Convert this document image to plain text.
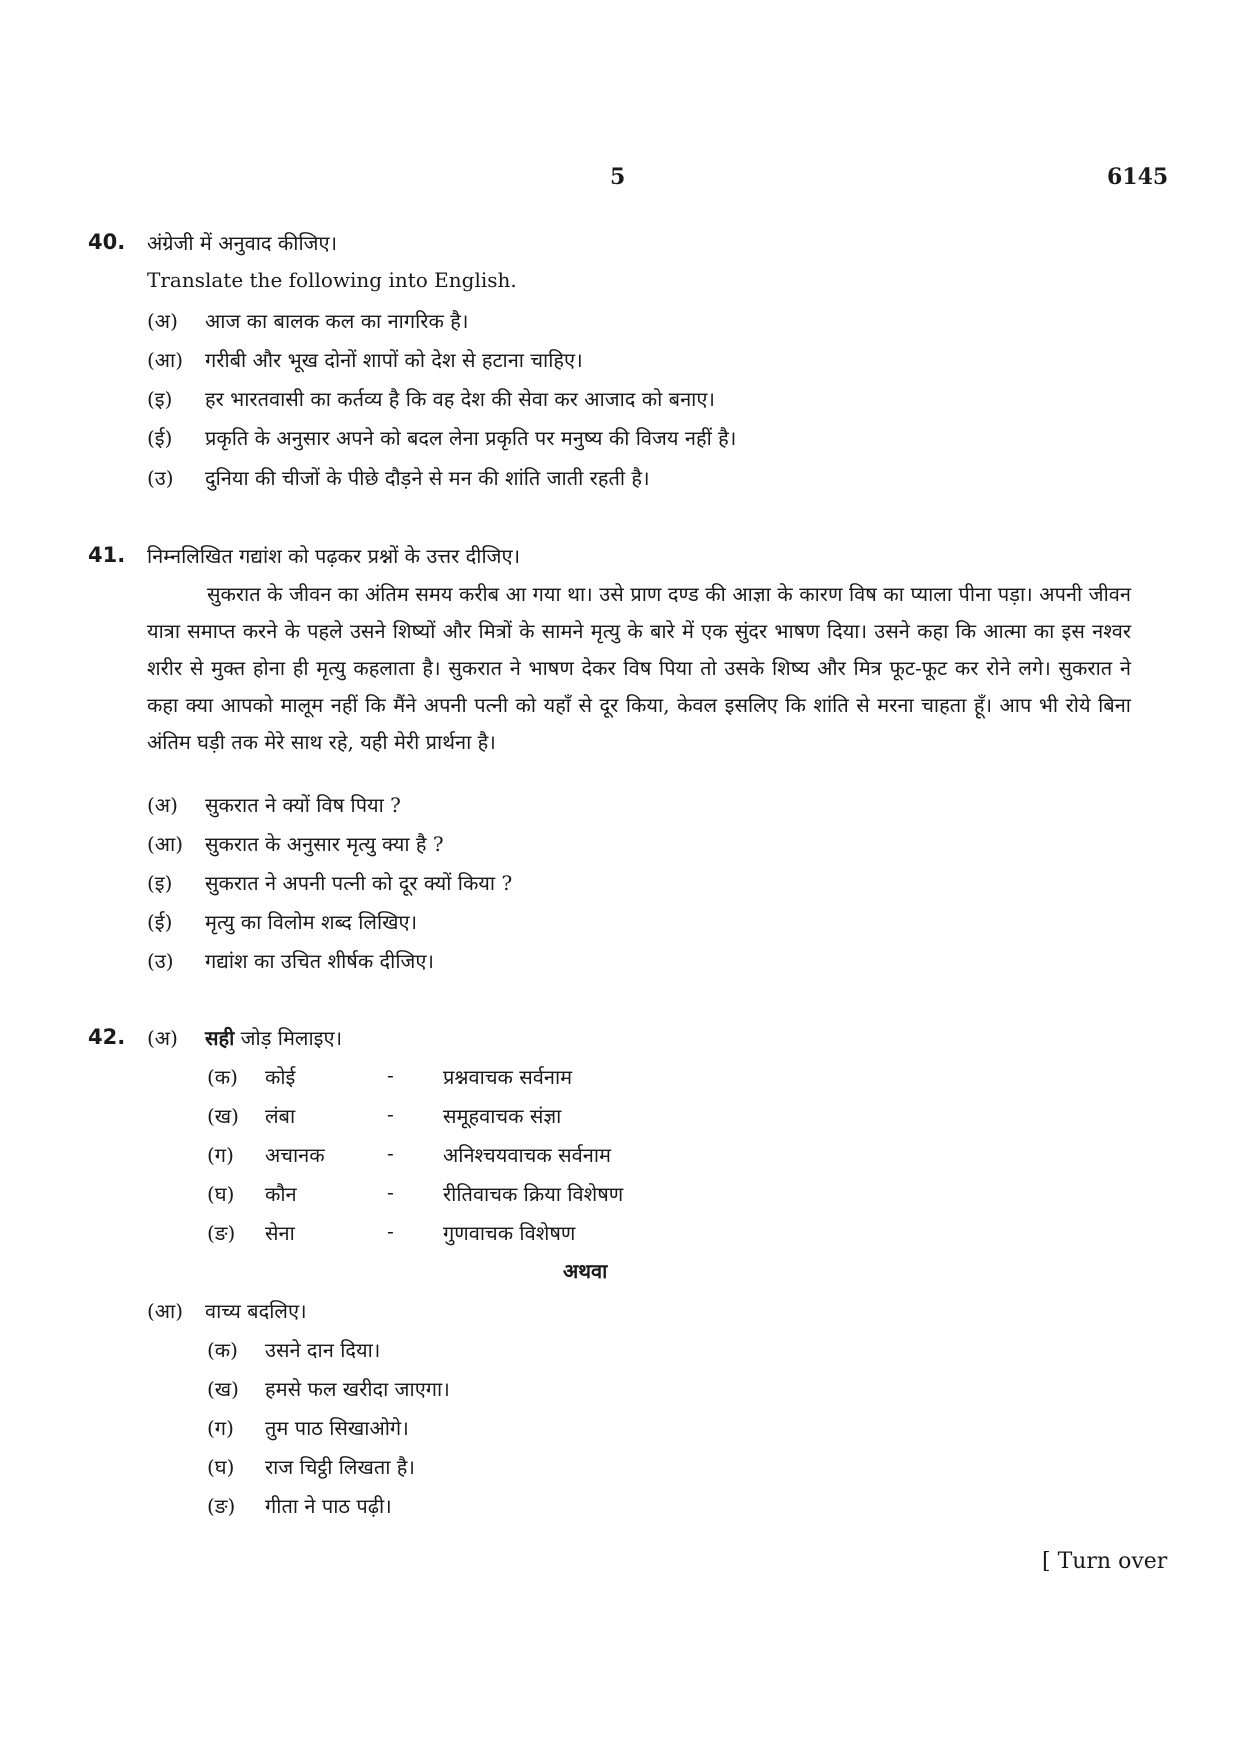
5	6145
40. अंग्रेजी में अनुवाद कीजिए।
Translate the following into English.
(अ) आज का बालक कल का नागरिक है।
(आ) गरीबी और भूख दोनों शापों को देश से हटाना चाहिए।
(इ) हर भारतवासी का कर्तव्य है कि वह देश की सेवा कर आजाद को बनाए।
(ई) प्रकृति के अनुसार अपने को बदल लेना प्रकृति पर मनुष्य की विजय नहीं है।
(उ) दुनिया की चीजों के पीछे दौड़ने से मन की शांति जाती रहती है।
41. निम्नलिखित गद्यांश को पढ़कर प्रश्नों के उत्तर दीजिए।

सुकरात के जीवन का अंतिम समय करीब आ गया था। उसे प्राण दण्ड की आज्ञा के कारण विष का प्याला पीना पड़ा। अपनी जीवन यात्रा समाप्त करने के पहले उसने शिष्यों और मित्रों के सामने मृत्यु के बारे में एक सुंदर भाषण दिया। उसने कहा कि आत्मा का इस नश्वर शरीर से मुक्त होना ही मृत्यु कहलाता है। सुकरात ने भाषण देकर विष पिया तो उसके शिष्य और मित्र फूट-फूट कर रोने लगे। सुकरात ने कहा क्या आपको मालूम नहीं कि मैंने अपनी पत्नी को यहाँ से दूर किया, केवल इसलिए कि शांति से मरना चाहता हूँ। आप भी रोये बिना अंतिम घड़ी तक मेरे साथ रहे, यही मेरी प्रार्थना है।

(अ) सुकरात ने क्यों विष पिया ?
(आ) सुकरात के अनुसार मृत्यु क्या है ?
(इ) सुकरात ने अपनी पत्नी को दूर क्यों किया ?
(ई) मृत्यु का विलोम शब्द लिखिए।
(उ) गद्यांश का उचित शीर्षक दीजिए।
42. (अ) सही जोड़ मिलाइए।
(क) कोई	- प्रश्नवाचक सर्वनाम
(ख) लंबा	- समूहवाचक संज्ञा
(ग) अचानक	- अनिश्चयवाचक सर्वनाम
(घ) कौन	- रीतिवाचक क्रिया विशेषण
(ङ) सेना	- गुणवाचक विशेषण
अथवा
(आ) वाच्य बदलिए।
(क) उसने दान दिया।
(ख) हमसे फल खरीदा जाएगा।
(ग) तुम पाठ सिखाओगे।
(घ) राज चिट्ठी लिखता है।
(ङ) गीता ने पाठ पढ़ी।
[ Turn over
